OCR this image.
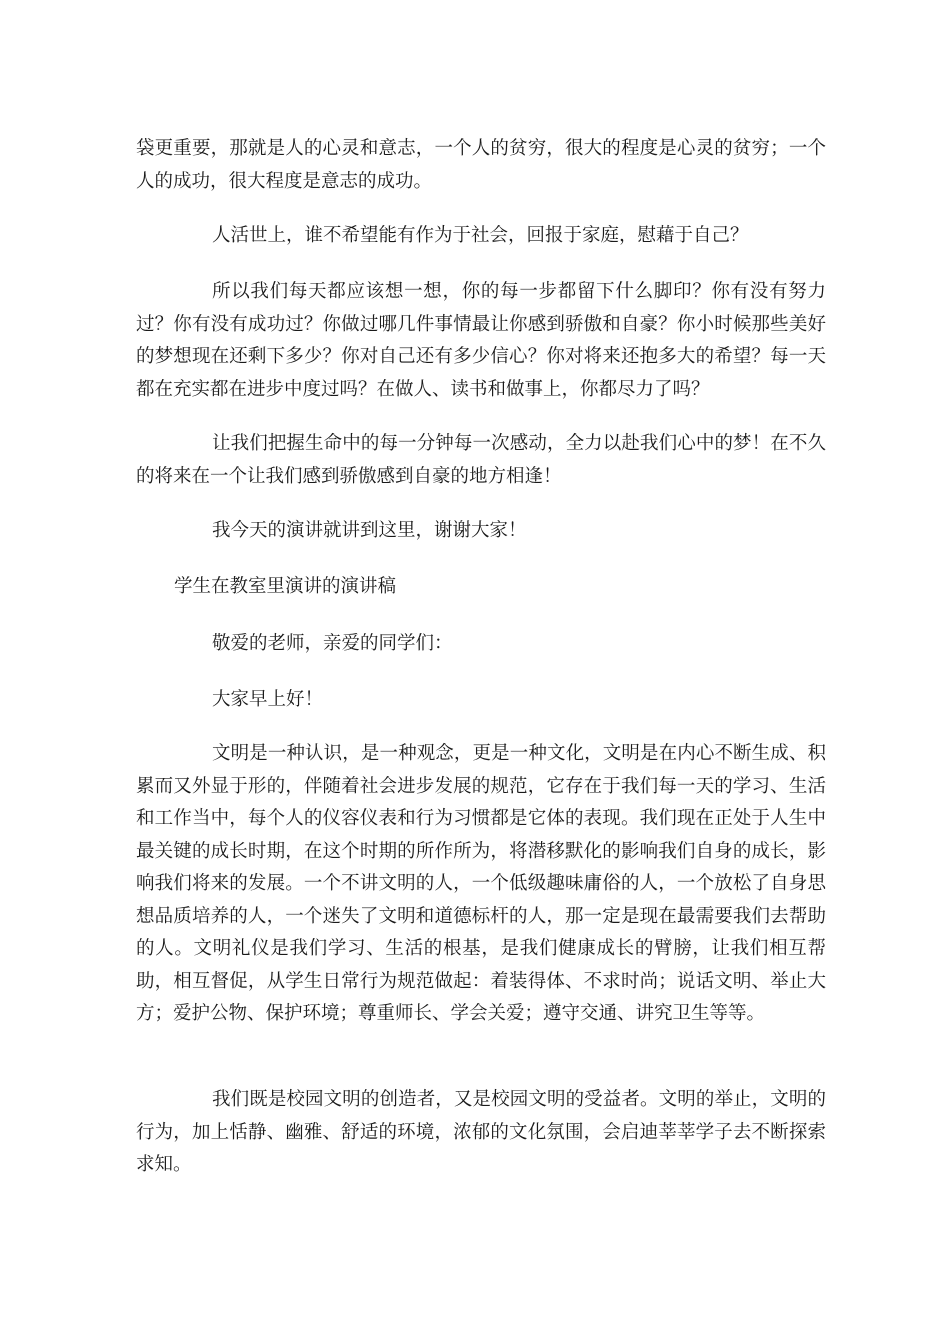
袋更重要，那就是人的心灵和意志，一个人的贫穷，很大的程度是心灵的贫穷；一个人的成功，很大程度是意志的成功。

人活世上，谁不希望能有作为于社会，回报于家庭，慰藉于自己？

所以我们每天都应该想一想，你的每一步都留下什么脚印？你有没有努力过？你有没有成功过？你做过哪几件事情最让你感到骄傲和自豪？你小时候那些美好的梦想现在还剩下多少？你对自己还有多少信心？你对将来还抱多大的希望？每一天都在充实都在进步中度过吗？在做人、读书和做事上，你都尽力了吗？

让我们把握生命中的每一分钟每一次感动，全力以赴我们心中的梦！在不久的将来在一个让我们感到骄傲感到自豪的地方相逢！

我今天的演讲就讲到这里，谢谢大家！

学生在教室里演讲的演讲稿

敬爱的老师，亲爱的同学们：

大家早上好！

文明是一种认识，是一种观念，更是一种文化，文明是在内心不断生成、积累而又外显于形的，伴随着社会进步发展的规范，它存在于我们每一天的学习、生活和工作当中，每个人的仪容仪表和行为习惯都是它体的表现。我们现在正处于人生中最关键的成长时期，在这个时期的所作所为，将潜移默化的影响我们自身的成长，影响我们将来的发展。一个不讲文明的人，一个低级趣味庸俗的人，一个放松了自身思想品质培养的人，一个迷失了文明和道德标杆的人，那一定是现在最需要我们去帮助的人。文明礼仪是我们学习、生活的根基，是我们健康成长的臂膀，让我们相互帮助，相互督促，从学生日常行为规范做起：着装得体、不求时尚；说话文明、举止大方；爱护公物、保护环境；尊重师长、学会关爱；遵守交通、讲究卫生等等。

我们既是校园文明的创造者，又是校园文明的受益者。文明的举止，文明的行为，加上恬静、幽雅、舒适的环境，浓郁的文化氛围，会启迪莘莘学子去不断探索求知。
